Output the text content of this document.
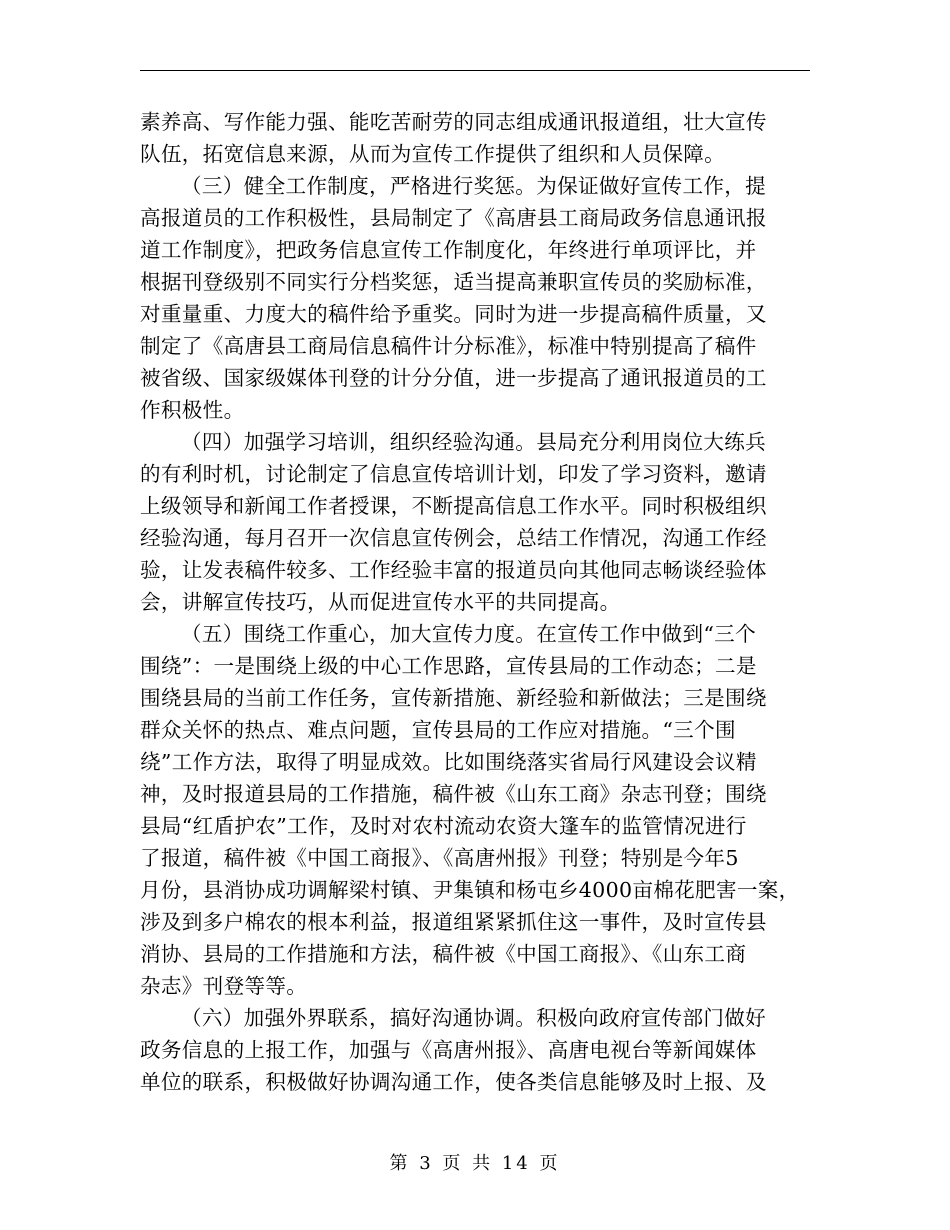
素养高、写作能力强、能吃苦耐劳的同志组成通讯报道组，壮大宣传
队伍，拓宽信息来源，从而为宣传工作提供了组织和人员保障。
（三）健全工作制度，严格进行奖惩。为保证做好宣传工作，提
高报道员的工作积极性，县局制定了《高唐县工商局政务信息通讯报
道工作制度》，把政务信息宣传工作制度化，年终进行单项评比，并
根据刊登级别不同实行分档奖惩，适当提高兼职宣传员的奖励标准，
对重量重、力度大的稿件给予重奖。同时为进一步提高稿件质量，又
制定了《高唐县工商局信息稿件计分标准》，标准中特别提高了稿件
被省级、国家级媒体刊登的计分分值，进一步提高了通讯报道员的工
作积极性。
（四）加强学习培训，组织经验沟通。县局充分利用岗位大练兵
的有利时机，讨论制定了信息宣传培训计划，印发了学习资料，邀请
上级领导和新闻工作者授课，不断提高信息工作水平。同时积极组织
经验沟通，每月召开一次信息宣传例会，总结工作情况，沟通工作经
验，让发表稿件较多、工作经验丰富的报道员向其他同志畅谈经验体
会，讲解宣传技巧，从而促进宣传水平的共同提高。
（五）围绕工作重心，加大宣传力度。在宣传工作中做到“三个
围绕”：一是围绕上级的中心工作思路，宣传县局的工作动态；二是
围绕县局的当前工作任务，宣传新措施、新经验和新做法；三是围绕
群众关怀的热点、难点问题，宣传县局的工作应对措施。“三个围
绕”工作方法，取得了明显成效。比如围绕落实省局行风建设会议精
神，及时报道县局的工作措施，稿件被《山东工商》杂志刊登；围绕
县局“红盾护农”工作，及时对农村流动农资大篷车的监管情况进行
了报道，稿件被《中国工商报》、《高唐州报》刊登；特别是今年5
月份，县消协成功调解梁村镇、尹集镇和杨屯乡4000亩棉花肥害一案，
涉及到多户棉农的根本利益，报道组紧紧抓住这一事件，及时宣传县
消协、县局的工作措施和方法，稿件被《中国工商报》、《山东工商
杂志》刊登等等。
（六）加强外界联系，搞好沟通协调。积极向政府宣传部门做好
政务信息的上报工作，加强与《高唐州报》、高唐电视台等新闻媒体
单位的联系，积极做好协调沟通工作，使各类信息能够及时上报、及
第 3 页 共 14 页
